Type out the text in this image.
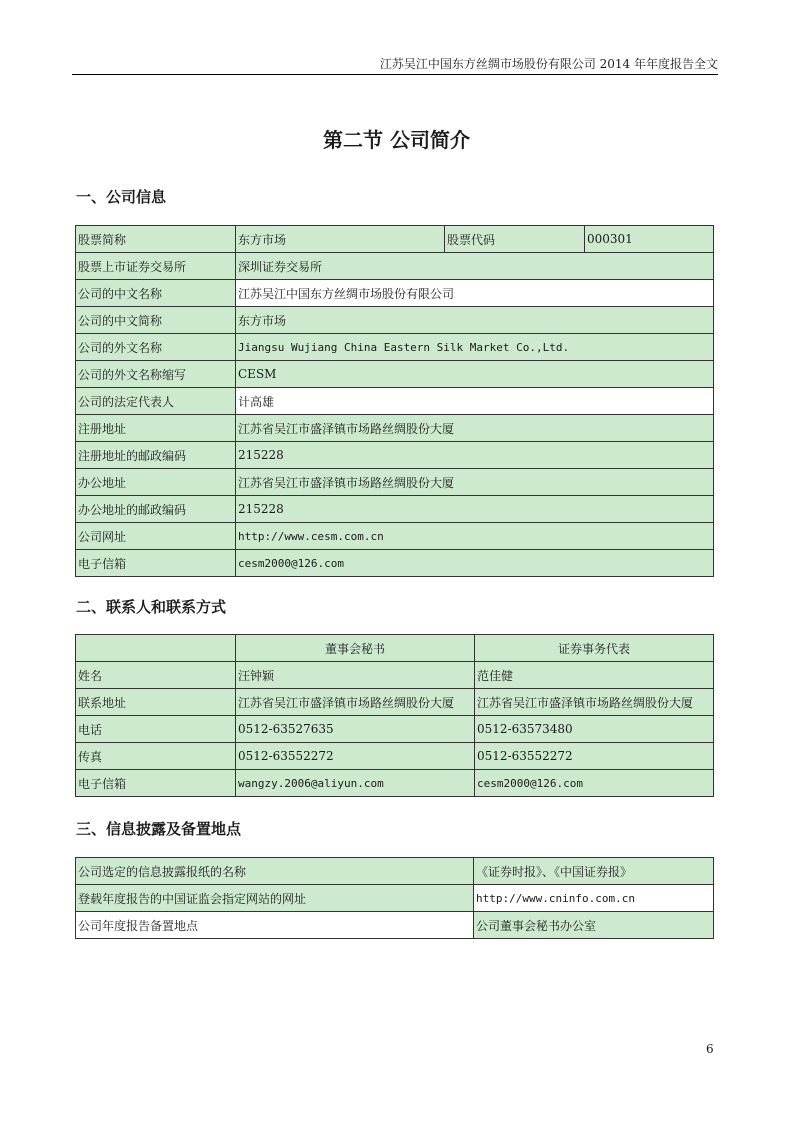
江苏吴江中国东方丝绸市场股份有限公司 2014 年年度报告全文
第二节 公司简介
一、公司信息
股票简称	东方市场	股票代码	000301
股票上市证券交易所	深圳证券交易所		
公司的中文名称	江苏吴江中国东方丝绸市场股份有限公司		
公司的中文简称	东方市场		
公司的外文名称	Jiangsu Wujiang China Eastern Silk Market Co.,Ltd.		
公司的外文名称缩写	CESM		
公司的法定代表人	计高雄		
注册地址	江苏省吴江市盛泽镇市场路丝绸股份大厦		
注册地址的邮政编码	215228		
办公地址	江苏省吴江市盛泽镇市场路丝绸股份大厦		
办公地址的邮政编码	215228		
公司网址	http://www.cesm.com.cn		
电子信箱	cesm2000@126.com		
二、联系人和联系方式
	董事会秘书	证券事务代表
姓名	汪钟颖	范佳健
联系地址	江苏省吴江市盛泽镇市场路丝绸股份大厦	江苏省吴江市盛泽镇市场路丝绸股份大厦
电话	0512-63527635	0512-63573480
传真	0512-63552272	0512-63552272
电子信箱	wangzy.2006@aliyun.com	cesm2000@126.com
三、信息披露及备置地点
公司选定的信息披露报纸的名称	《证券时报》、《中国证券报》
登载年度报告的中国证监会指定网站的网址	http://www.cninfo.com.cn
公司年度报告备置地点	公司董事会秘书办公室
6
